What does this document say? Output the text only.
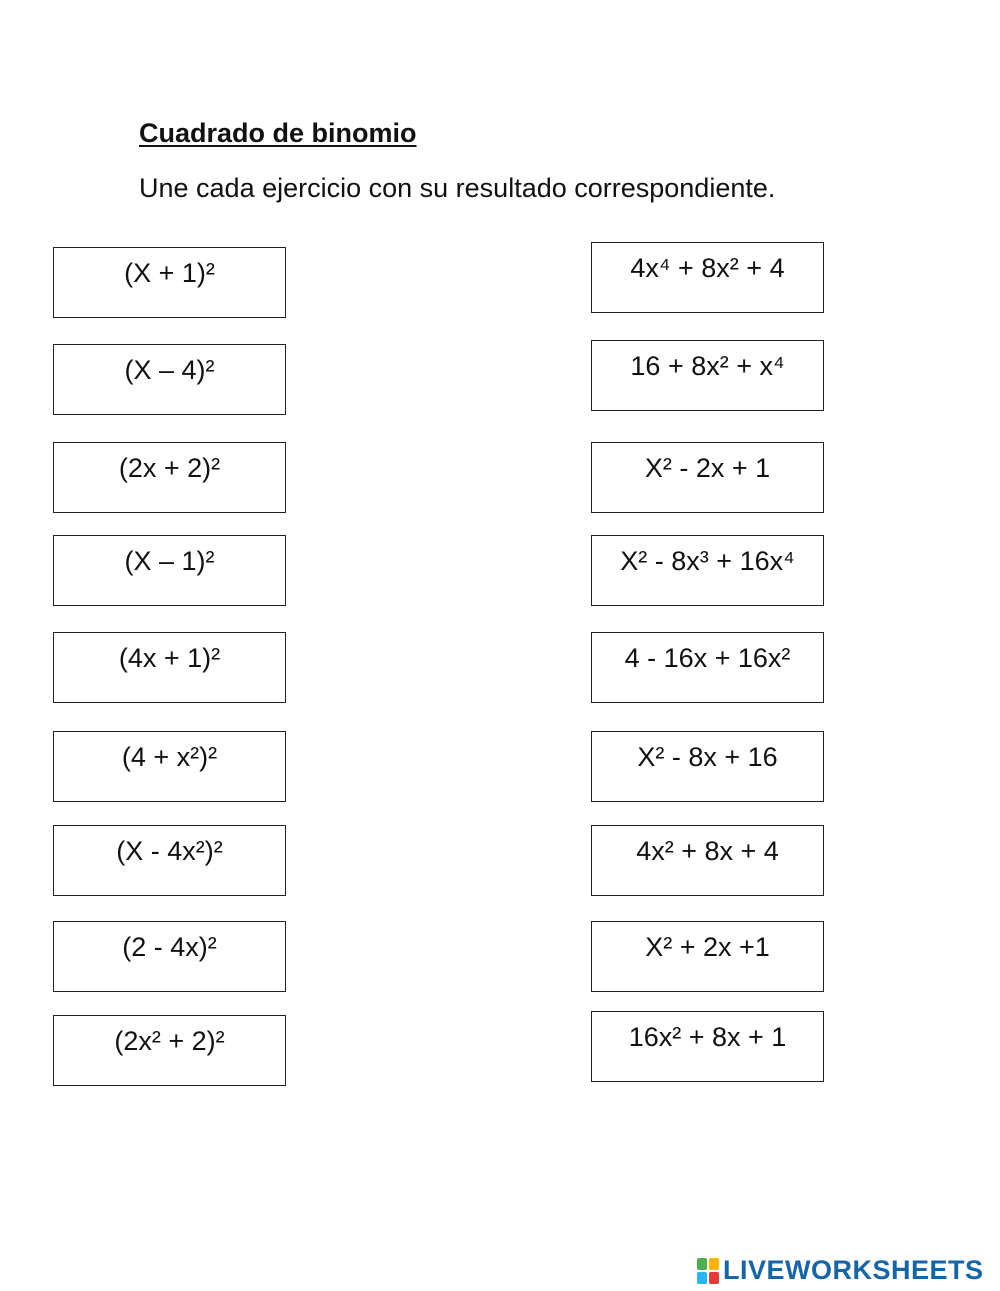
Cuadrado de binomio
Une cada ejercicio con su resultado correspondiente.
(X + 1)²
(X – 4)²
(2x + 2)²
(X – 1)²
(4x + 1)²
(4 + x²)²
(X - 4x²)²
(2 - 4x)²
(2x² + 2)²
4x⁴ + 8x² + 4
16 + 8x² + x⁴
X² - 2x + 1
X² - 8x³ + 16x⁴
4 - 16x + 16x²
X² - 8x + 16
4x² + 8x + 4
X² + 2x +1
16x² + 8x + 1
LIVEWORKSHEETS
